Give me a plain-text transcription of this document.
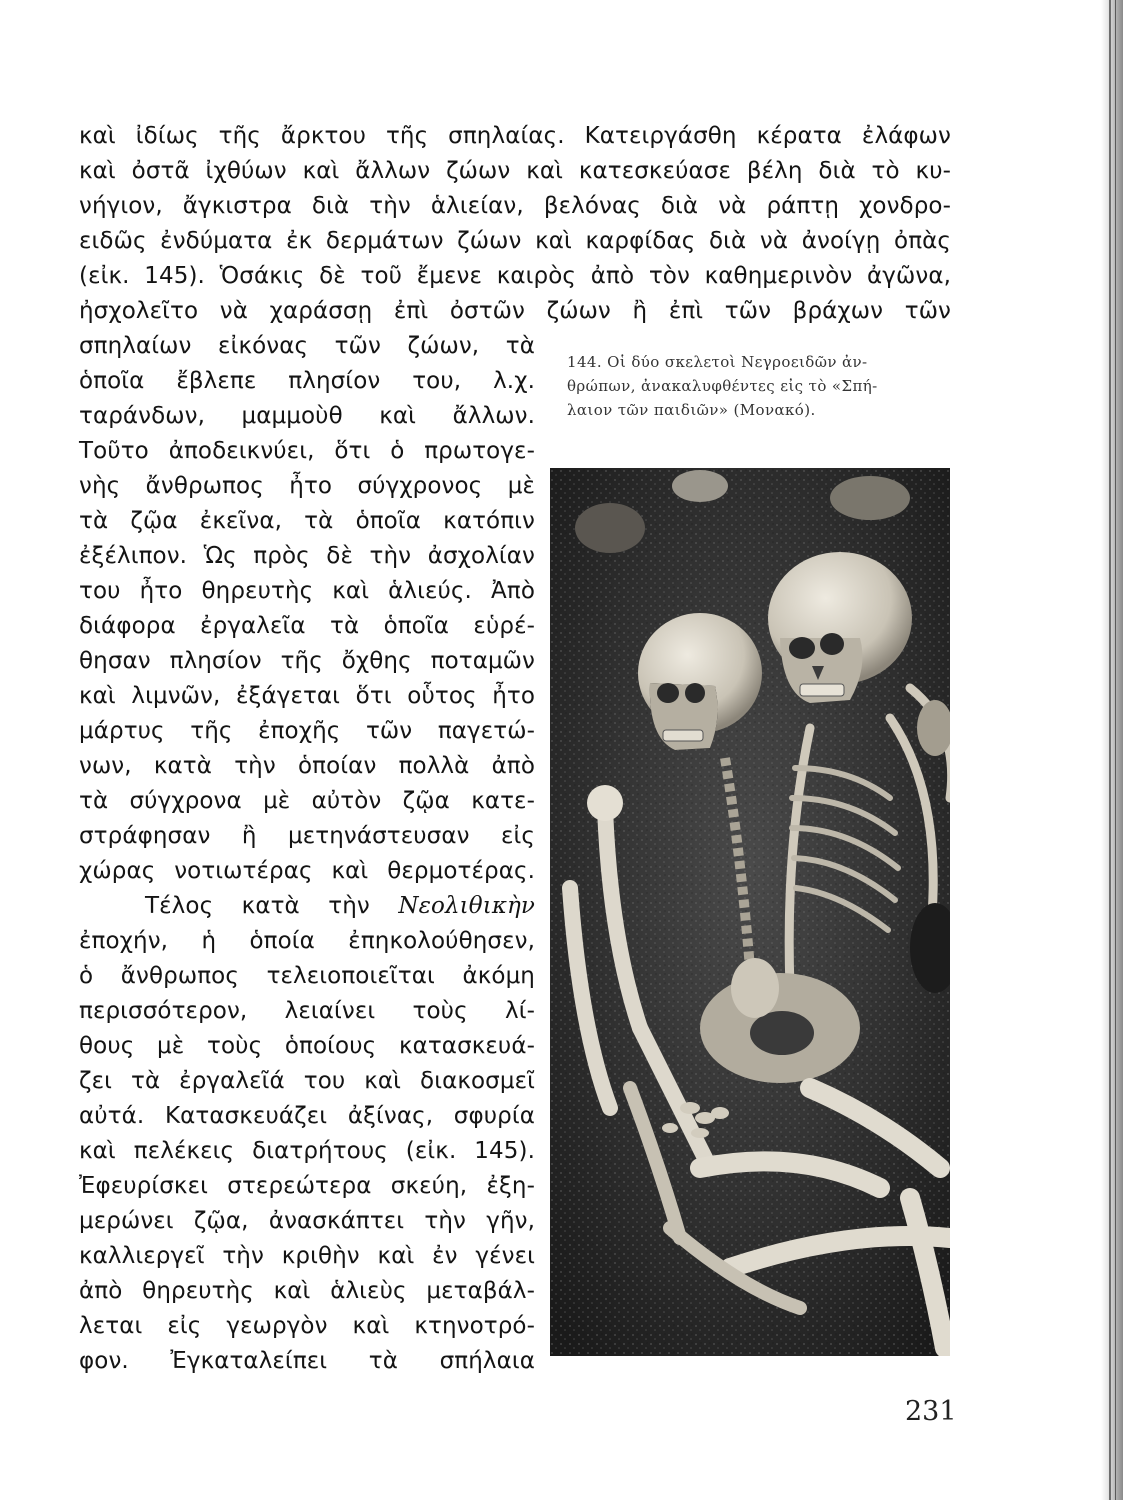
καὶ ἰδίως τῆς ἄρκτου τῆς σπηλαίας. Κατειργάσθη κέρατα ἐλάφων
καὶ ὀστᾶ ἰχθύων καὶ ἄλλων ζώων καὶ κατεσκεύασε βέλη διὰ τὸ κυ-
νήγιον, ἄγκιστρα διὰ τὴν ἁλιείαν, βελόνας διὰ νὰ ράπτῃ χονδρο-
ειδῶς ἐνδύματα ἐκ δερμάτων ζώων καὶ καρφίδας διὰ νὰ ἀνοίγῃ ὀπὰς
(εἰκ. 145). Ὁσάκις δὲ τοῦ ἔμενε καιρὸς ἀπὸ τὸν καθημερινὸν ἀγῶνα,
ἠσχολεῖτο νὰ χαράσσῃ ἐπὶ ὀστῶν ζώων ἢ ἐπὶ τῶν βράχων τῶν
σπηλαίων εἰκόνας τῶν ζώων, τὰ
ὁποῖα ἔβλεπε πλησίον του, λ.χ.
ταράνδων, μαμμοὺθ καὶ ἄλλων.
Τοῦτο ἀποδεικνύει, ὅτι ὁ πρωτογε-
νὴς ἄνθρωπος ἦτο σύγχρονος μὲ
τὰ ζῷα ἐκεῖνα, τὰ ὁποῖα κατόπιν
ἐξέλιπον. Ὡς πρὸς δὲ τὴν ἀσχολίαν
του ἦτο θηρευτὴς καὶ ἁλιεύς. Ἀπὸ
διάφορα ἐργαλεῖα τὰ ὁποῖα εὑρέ-
θησαν πλησίον τῆς ὄχθης ποταμῶν
καὶ λιμνῶν, ἐξάγεται ὅτι οὗτος ἦτο
μάρτυς τῆς ἐποχῆς τῶν παγετώ-
νων, κατὰ τὴν ὁποίαν πολλὰ ἀπὸ
τὰ σύγχρονα μὲ αὐτὸν ζῷα κατε-
στράφησαν ἢ μετηνάστευσαν εἰς
χώρας νοτιωτέρας καὶ θερμοτέρας.
Τέλος κατὰ τὴν Νεολιθικὴν
ἐποχήν, ἡ ὁποία ἐπηκολούθησεν,
ὁ ἄνθρωπος τελειοποιεῖται ἀκόμη
περισσότερον, λειαίνει τοὺς λί-
θους μὲ τοὺς ὁποίους κατασκευά-
ζει τὰ ἐργαλεῖά του καὶ διακοσμεῖ
αὐτά. Κατασκευάζει ἀξίνας, σφυρία
καὶ πελέκεις διατρήτους (εἰκ. 145).
Ἐφευρίσκει στερεώτερα σκεύη, ἐξη-
μερώνει ζῷα, ἀνασκάπτει τὴν γῆν,
καλλιεργεῖ τὴν κριθὴν καὶ ἐν γένει
ἀπὸ θηρευτὴς καὶ ἁλιεὺς μεταβάλ-
λεται εἰς γεωργὸν καὶ κτηνοτρό-
φον. Ἐγκαταλείπει τὰ σπήλαια
144. Οἱ δύο σκελετοὶ Νεγροειδῶν ἀν-
θρώπων, ἀνακαλυφθέντες εἰς τὸ «Σπή-
λαιον τῶν παιδιῶν» (Μονακό).
231
